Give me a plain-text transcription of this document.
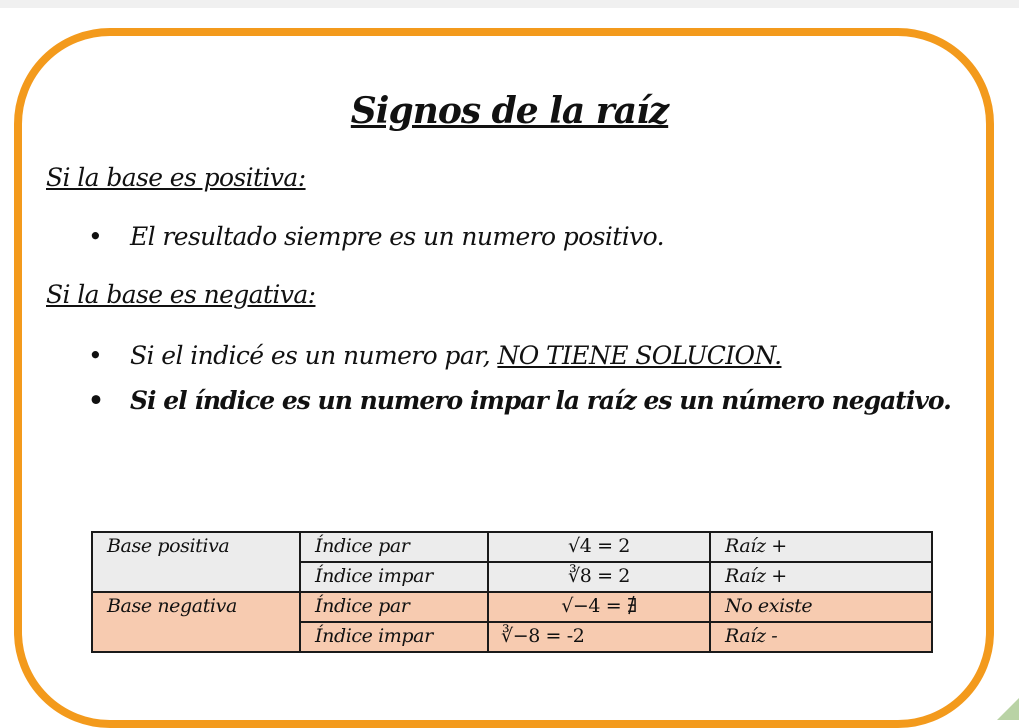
Signos de la raíz
Si la base es positiva:
• El resultado siempre es un numero positivo.
Si la base es negativa:
• Si el indicé es un numero par, NO TIENE SOLUCION.
• Si el índice es un numero impar la raíz es un número negativo.
Base positiva	Índice par	√4 = 2	Raíz +
	Índice impar	∛8 = 2	Raíz +
Base negativa	Índice par	√−4 = ∄	No existe
	Índice impar	∛−8 = -2	Raíz -
